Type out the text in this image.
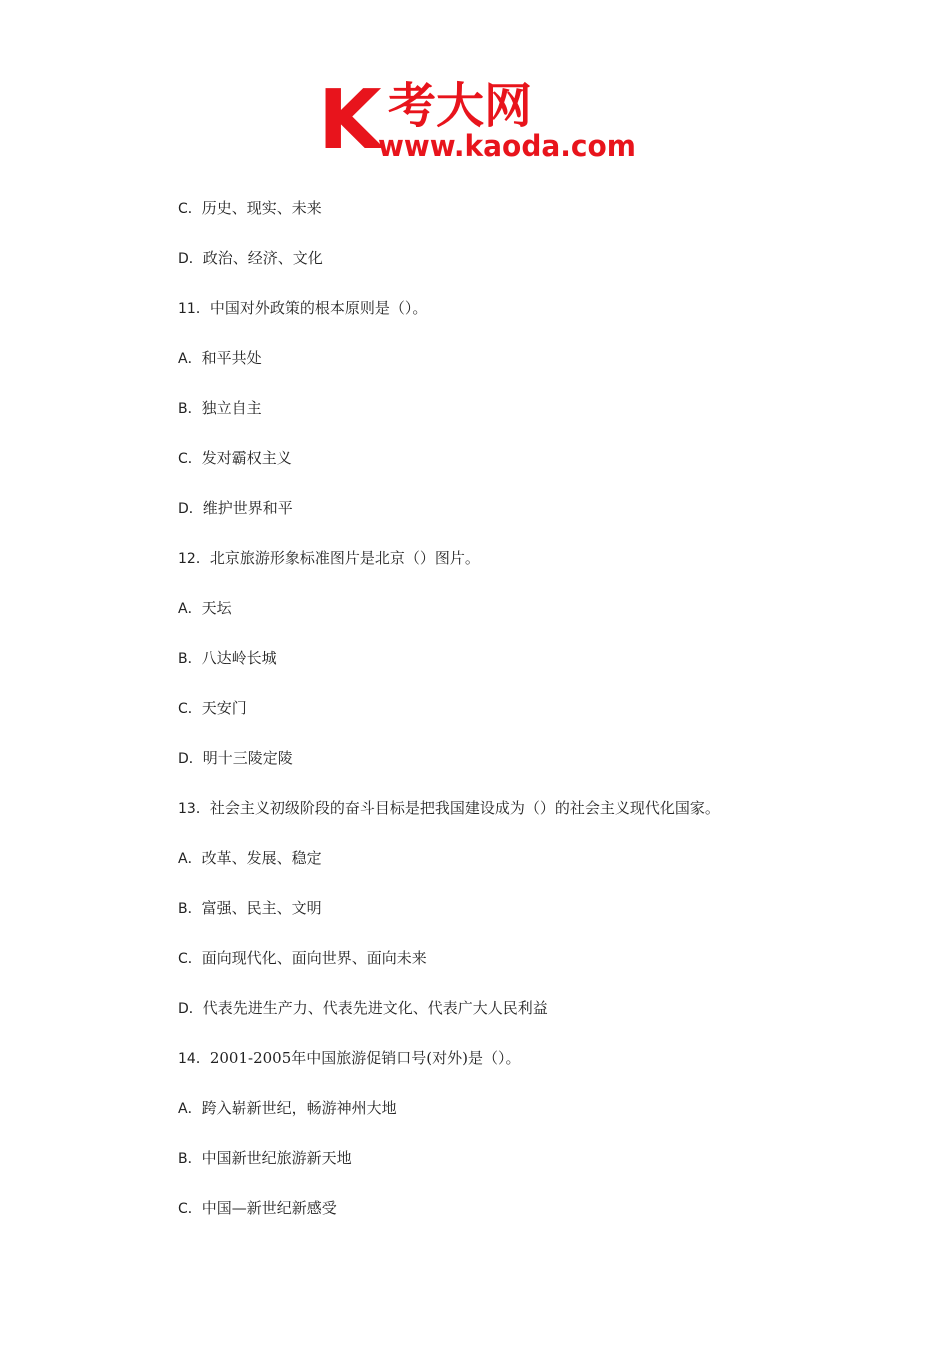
K 考大网
www.kaoda.com
C．历史、现实、未来
D．政治、经济、文化
11．中国对外政策的根本原则是（）。
A．和平共处
B．独立自主
C．发对霸权主义
D．维护世界和平
12．北京旅游形象标准图片是北京（）图片。
A．天坛
B．八达岭长城
C．天安门
D．明十三陵定陵
13．社会主义初级阶段的奋斗目标是把我国建设成为（）的社会主义现代化国家。
A．改革、发展、稳定
B．富强、民主、文明
C．面向现代化、面向世界、面向未来
D．代表先进生产力、代表先进文化、代表广大人民利益
14．2001-2005年中国旅游促销口号(对外)是（）。
A．跨入崭新世纪，畅游神州大地
B．中国新世纪旅游新天地
C．中国—新世纪新感受
